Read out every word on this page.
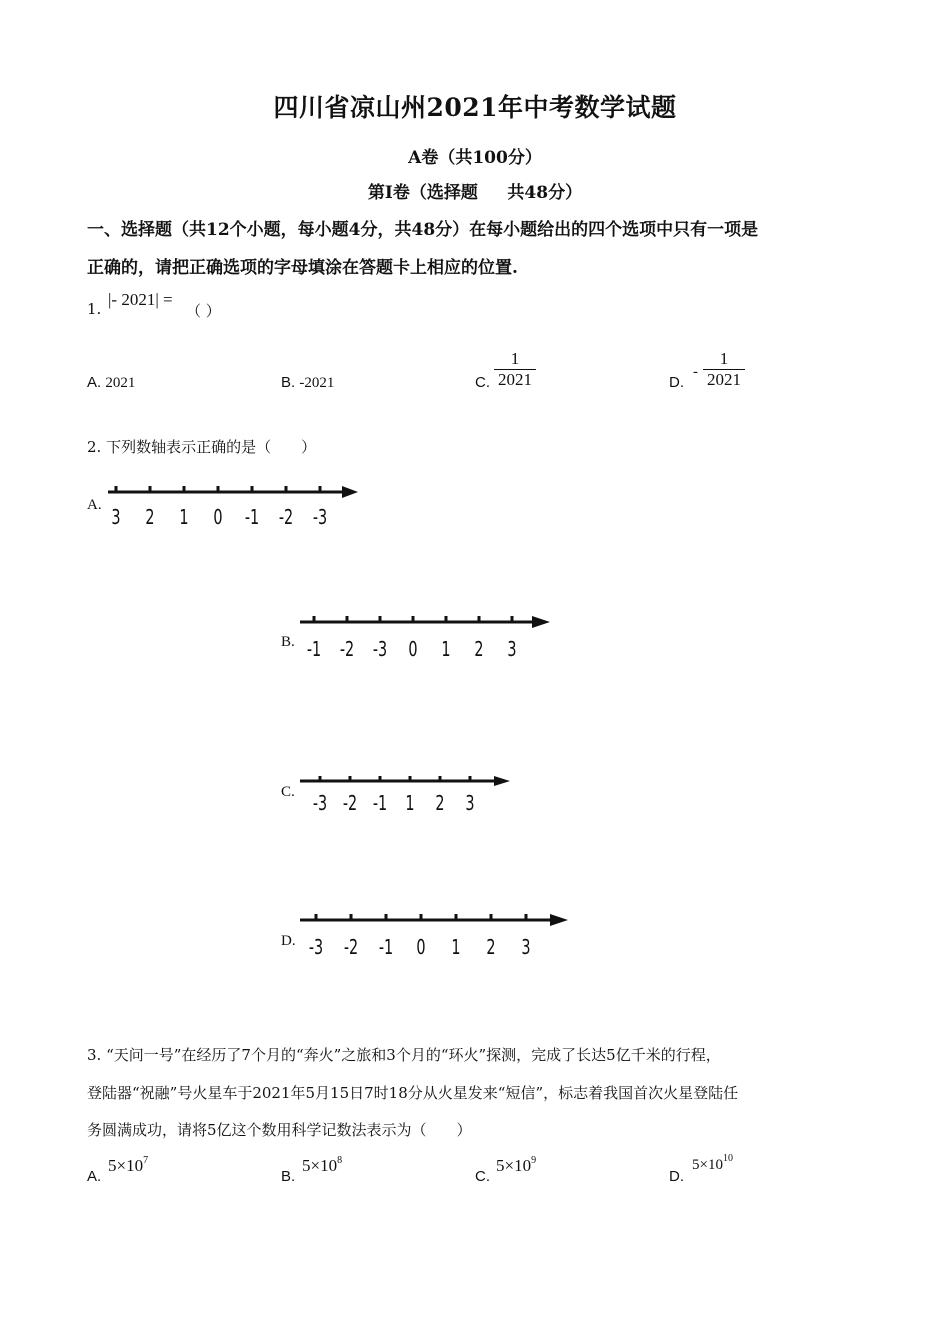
四川省凉山州2021年中考数学试题
A卷（共100分）
第I卷（选择题     共48分）
一、选择题（共12个小题，每小题4分，共48分）在每小题给出的四个选项中只有一项是
正确的，请把正确选项的字母填涂在答题卡上相应的位置.
1. |- 2021| =
（ ）
A. 2021	B. -2021	C. $\frac{1}{2021}$	D.
- $\frac{1}{2021}$
2. 下列数轴表示正确的是（　　）
A.
3 2 1 0 -1 -2 -3
B. -1 -2 -3 0 1 2 3
C.
-3 -2 -1 1 2 3
D. -3 -2 -1 0 1 2 3
3. “天问一号”在经历了7个月的“奔火”之旅和3个月的“环火”探测，完成了长达5亿千米的行程，
登陆器“祝融”号火星车于2021年5月15日7时18分从火星发来“短信”，标志着我国首次火星登陆任
务圆满成功，请将5亿这个数用科学记数法表示为（　　）
A.
$5\times 10^7$
B.
$5\times 10^8$
C.
$5\times 10^9$
D.
$5\times 10^{10}$
